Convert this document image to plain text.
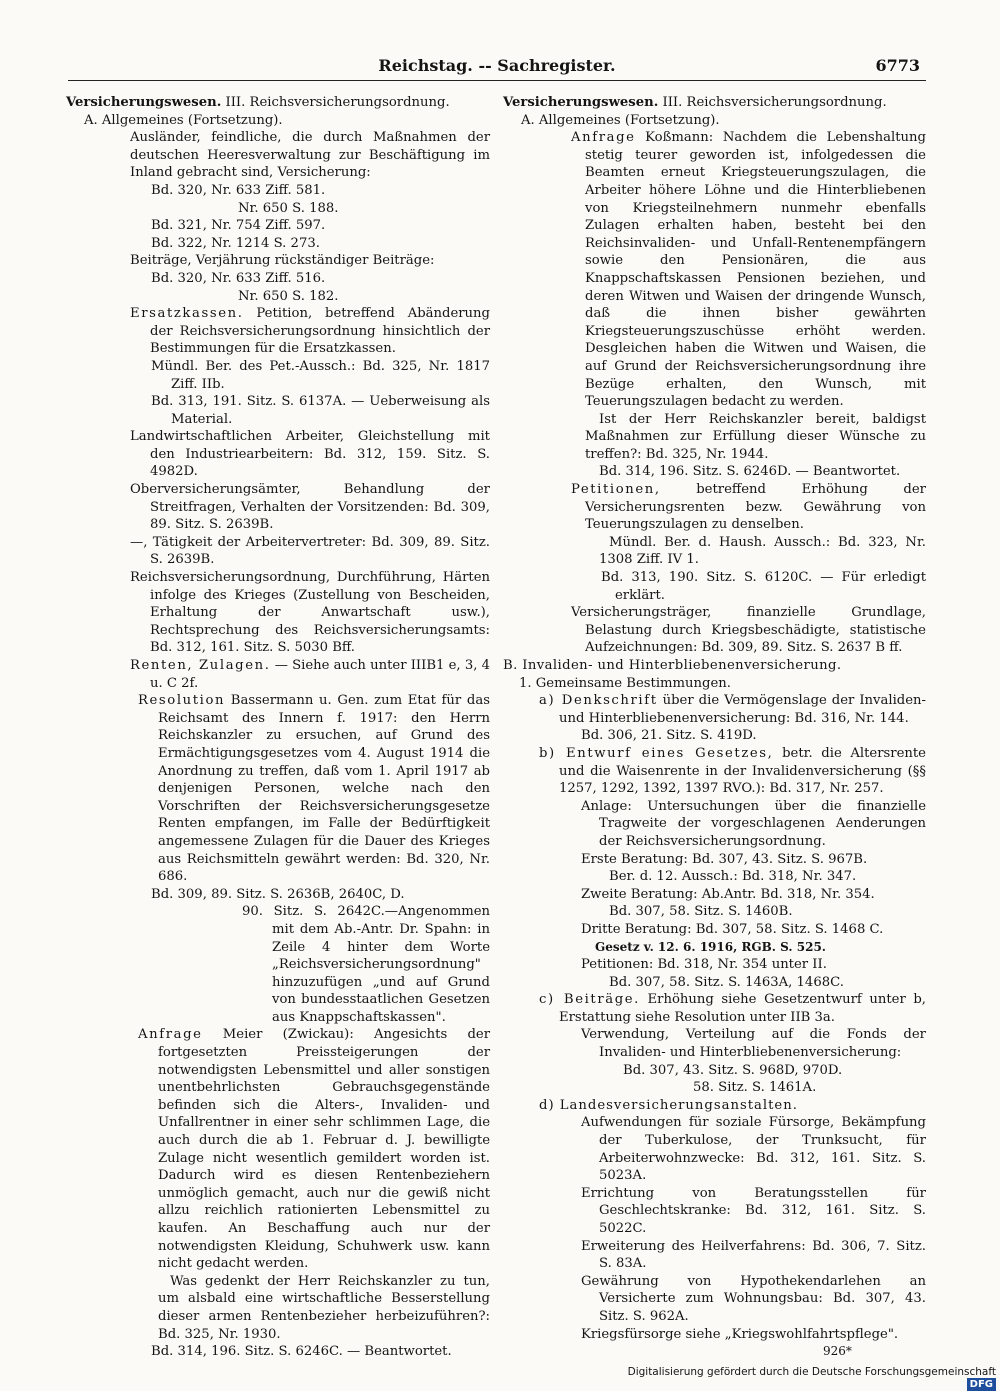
Reichstag. -- Sachregister.	6773

Versicherungswesen. III. Reichsversicherungsordnung.

A. Allgemeines (Fortsetzung).

Ausländer, feindliche, die durch Maßnahmen der deutschen Heeresverwaltung zur Beschäftigung im Inland gebracht sind, Versicherung:

Bd. 320, Nr. 633 Ziff. 581.

Nr. 650 S. 188.

Bd. 321, Nr. 754 Ziff. 597.

Bd. 322, Nr. 1214 S. 273.

Beiträge, Verjährung rückständiger Beiträge:

Bd. 320, Nr. 633 Ziff. 516.

Nr. 650 S. 182.

Ersatzkassen. Petition, betreffend Abänderung der Reichsversicherungsordnung hinsichtlich der Bestimmungen für die Ersatzkassen.

Mündl. Ber. des Pet.-Aussch.: Bd. 325, Nr. 1817 Ziff. IIb.

Bd. 313, 191. Sitz. S. 6137A. — Ueberweisung als Material.

Landwirtschaftlichen Arbeiter, Gleichstellung mit den Industriearbeitern: Bd. 312, 159. Sitz. S. 4982D.

Oberversicherungsämter, Behandlung der Streitfragen, Verhalten der Vorsitzenden: Bd. 309, 89. Sitz. S. 2639B.

—, Tätigkeit der Arbeitervertreter: Bd. 309, 89. Sitz. S. 2639B.

Reichsversicherungsordnung, Durchführung, Härten infolge des Krieges (Zustellung von Bescheiden, Erhaltung der Anwartschaft usw.), Rechtsprechung des Reichsversicherungsamts: Bd. 312, 161. Sitz. S. 5030 Bff.

Renten, Zulagen. — Siehe auch unter IIIB1 e, 3, 4 u. C 2f.

Resolution Bassermann u. Gen. zum Etat für das Reichsamt des Innern f. 1917: den Herrn Reichskanzler zu ersuchen, auf Grund des Ermächtigungsgesetzes vom 4. August 1914 die Anordnung zu treffen, daß vom 1. April 1917 ab denjenigen Personen, welche nach den Vorschriften der Reichsversicherungsgesetze Renten empfangen, im Falle der Bedürftigkeit angemessene Zulagen für die Dauer des Krieges aus Reichsmitteln gewährt werden: Bd. 320, Nr. 686.

Bd. 309, 89. Sitz. S. 2636B, 2640C, D.

90. Sitz. S. 2642C.—Angenommen mit dem Ab.-Antr. Dr. Spahn: in Zeile 4 hinter dem Worte „Reichsversicherungsordnung" hinzuzufügen „und auf Grund von bundesstaatlichen Gesetzen aus Knappschaftskassen".

Anfrage Meier (Zwickau): Angesichts der fortgesetzten Preissteigerungen der notwendigsten Lebensmittel und aller sonstigen unentbehrlichsten Gebrauchsgegenstände befinden sich die Alters-, Invaliden- und Unfallrentner in einer sehr schlimmen Lage, die auch durch die ab 1. Februar d. J. bewilligte Zulage nicht wesentlich gemildert worden ist. Dadurch wird es diesen Rentenbeziehern unmöglich gemacht, auch nur die gewiß nicht allzu reichlich rationierten Lebensmittel zu kaufen. An Beschaffung auch nur der notwendigsten Kleidung, Schuhwerk usw. kann nicht gedacht werden.

Was gedenkt der Herr Reichskanzler zu tun, um alsbald eine wirtschaftliche Besserstellung dieser armen Rentenbezieher herbeizuführen?: Bd. 325, Nr. 1930.

Bd. 314, 196. Sitz. S. 6246C. — Beantwortet.

Versicherungswesen. III. Reichsversicherungsordnung.

A. Allgemeines (Fortsetzung).

Anfrage Koßmann: Nachdem die Lebenshaltung stetig teurer geworden ist, infolgedessen die Beamten erneut Kriegsteuerungszulagen, die Arbeiter höhere Löhne und die Hinterbliebenen von Kriegsteilnehmern nunmehr ebenfalls Zulagen erhalten haben, besteht bei den Reichsinvaliden- und Unfall-Rentenempfängern sowie den Pensionären, die aus Knappschaftskassen Pensionen beziehen, und deren Witwen und Waisen der dringende Wunsch, daß die ihnen bisher gewährten Kriegsteuerungszuschüsse erhöht werden. Desgleichen haben die Witwen und Waisen, die auf Grund der Reichsversicherungsordnung ihre Bezüge erhalten, den Wunsch, mit Teuerungszulagen bedacht zu werden.

Ist der Herr Reichskanzler bereit, baldigst Maßnahmen zur Erfüllung dieser Wünsche zu treffen?: Bd. 325, Nr. 1944.

Bd. 314, 196. Sitz. S. 6246D. — Beantwortet.

Petitionen, betreffend Erhöhung der Versicherungsrenten bezw. Gewährung von Teuerungszulagen zu denselben.

Mündl. Ber. d. Haush. Aussch.: Bd. 323, Nr. 1308 Ziff. IV 1.

Bd. 313, 190. Sitz. S. 6120C. — Für erledigt erklärt.

Versicherungsträger, finanzielle Grundlage, Belastung durch Kriegsbeschädigte, statistische Aufzeichnungen: Bd. 309, 89. Sitz. S. 2637 B ff.

B. Invaliden- und Hinterbliebenenversicherung.

1. Gemeinsame Bestimmungen.

a) Denkschrift über die Vermögenslage der Invaliden- und Hinterbliebenenversicherung: Bd. 316, Nr. 144.

Bd. 306, 21. Sitz. S. 419D.

b) Entwurf eines Gesetzes, betr. die Altersrente und die Waisenrente in der Invalidenversicherung (§§ 1257, 1292, 1392, 1397 RVO.): Bd. 317, Nr. 257.

Anlage: Untersuchungen über die finanzielle Tragweite der vorgeschlagenen Aenderungen der Reichsversicherungsordnung.

Erste Beratung: Bd. 307, 43. Sitz. S. 967B.

Ber. d. 12. Aussch.: Bd. 318, Nr. 347.

Zweite Beratung: Ab.Antr. Bd. 318, Nr. 354.

Bd. 307, 58. Sitz. S. 1460B.

Dritte Beratung: Bd. 307, 58. Sitz. S. 1468 C.

Gesetz v. 12. 6. 1916, RGB. S. 525.

Petitionen: Bd. 318, Nr. 354 unter II.

Bd. 307, 58. Sitz. S. 1463A, 1468C.

c) Beiträge. Erhöhung siehe Gesetzentwurf unter b, Erstattung siehe Resolution unter IIB 3a.

Verwendung, Verteilung auf die Fonds der Invaliden- und Hinterbliebenenversicherung:

Bd. 307, 43. Sitz. S. 968D, 970D.

58. Sitz. S. 1461A.

d) Landesversicherungsanstalten.

Aufwendungen für soziale Fürsorge, Bekämpfung der Tuberkulose, der Trunksucht, für Arbeiterwohnzwecke: Bd. 312, 161. Sitz. S. 5023A.

Errichtung von Beratungsstellen für Geschlechtskranke: Bd. 312, 161. Sitz. S. 5022C.

Erweiterung des Heilverfahrens: Bd. 306, 7. Sitz. S. 83A.

Gewährung von Hypothekendarlehen an Versicherte zum Wohnungsbau: Bd. 307, 43. Sitz. S. 962A.

Kriegsfürsorge siehe „Kriegswohlfahrtspflege".

926*

Digitalisierung gefördert durch die Deutsche ForschungsgemeinschaftDFG
